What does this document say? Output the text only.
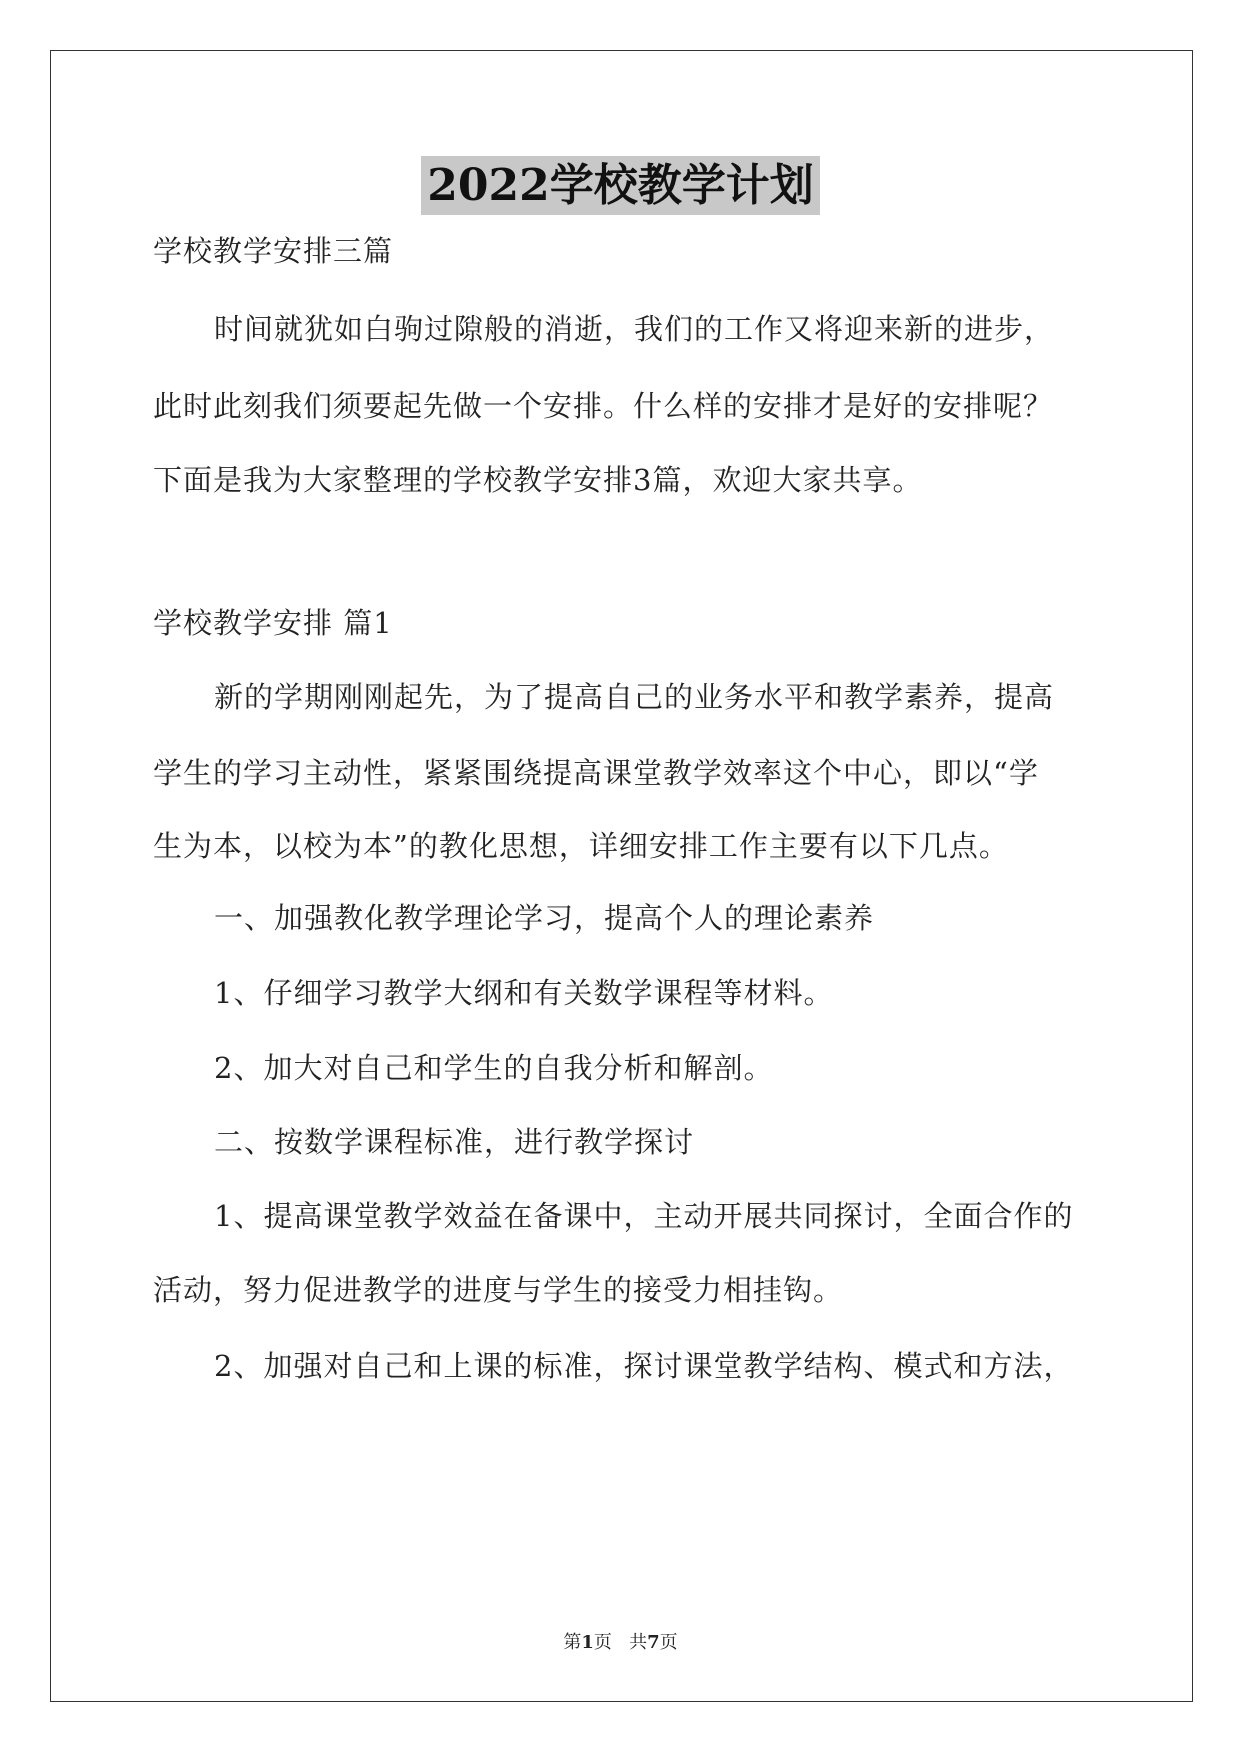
2022学校教学计划
学校教学安排三篇
时间就犹如白驹过隙般的消逝，我们的工作又将迎来新的进步，
此时此刻我们须要起先做一个安排。什么样的安排才是好的安排呢？
下面是我为大家整理的学校教学安排3篇，欢迎大家共享。
学校教学安排 篇1
新的学期刚刚起先，为了提高自己的业务水平和教学素养，提高
学生的学习主动性，紧紧围绕提高课堂教学效率这个中心，即以“学
生为本，以校为本”的教化思想，详细安排工作主要有以下几点。
一、加强教化教学理论学习，提高个人的理论素养
1、仔细学习教学大纲和有关数学课程等材料。
2、加大对自己和学生的自我分析和解剖。
二、按数学课程标准，进行教学探讨
1、提高课堂教学效益在备课中，主动开展共同探讨，全面合作的
活动，努力促进教学的进度与学生的接受力相挂钩。
2、加强对自己和上课的标准，探讨课堂教学结构、模式和方法，
第1页   共7页
